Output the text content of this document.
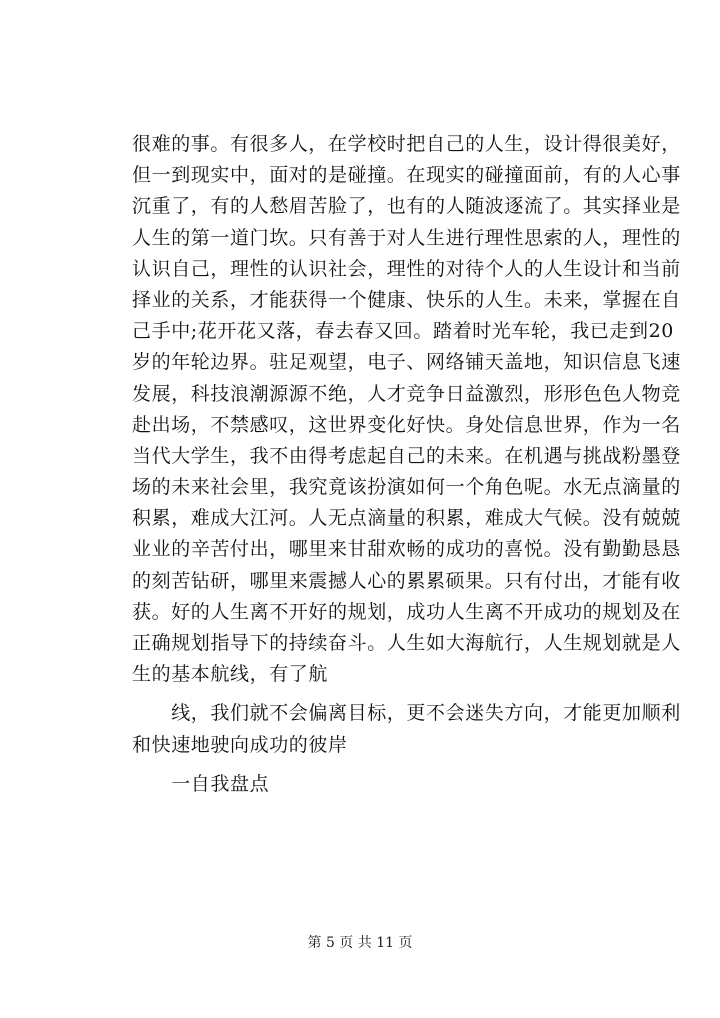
很难的事。有很多人，在学校时把自己的人生，设计得很美好，
但一到现实中，面对的是碰撞。在现实的碰撞面前，有的人心事
沉重了，有的人愁眉苦脸了，也有的人随波逐流了。其实择业是
人生的第一道门坎。只有善于对人生进行理性思索的人，理性的
认识自己，理性的认识社会，理性的对待个人的人生设计和当前
择业的关系，才能获得一个健康、快乐的人生。未来，掌握在自
己手中;花开花又落，春去春又回。踏着时光车轮，我已走到20
岁的年轮边界。驻足观望，电子、网络铺天盖地，知识信息飞速
发展，科技浪潮源源不绝，人才竞争日益激烈，形形色色人物竞
赴出场，不禁感叹，这世界变化好快。身处信息世界，作为一名
当代大学生，我不由得考虑起自己的未来。在机遇与挑战粉墨登
场的未来社会里，我究竟该扮演如何一个角色呢。水无点滴量的
积累，难成大江河。人无点滴量的积累，难成大气候。没有兢兢
业业的辛苦付出，哪里来甘甜欢畅的成功的喜悦。没有勤勤恳恳
的刻苦钻研，哪里来震撼人心的累累硕果。只有付出，才能有收
获。好的人生离不开好的规划，成功人生离不开成功的规划及在
正确规划指导下的持续奋斗。人生如大海航行，人生规划就是人
生的基本航线，有了航
　　线，我们就不会偏离目标，更不会迷失方向，才能更加顺利
和快速地驶向成功的彼岸
　　一自我盘点
第 5 页 共 11 页
